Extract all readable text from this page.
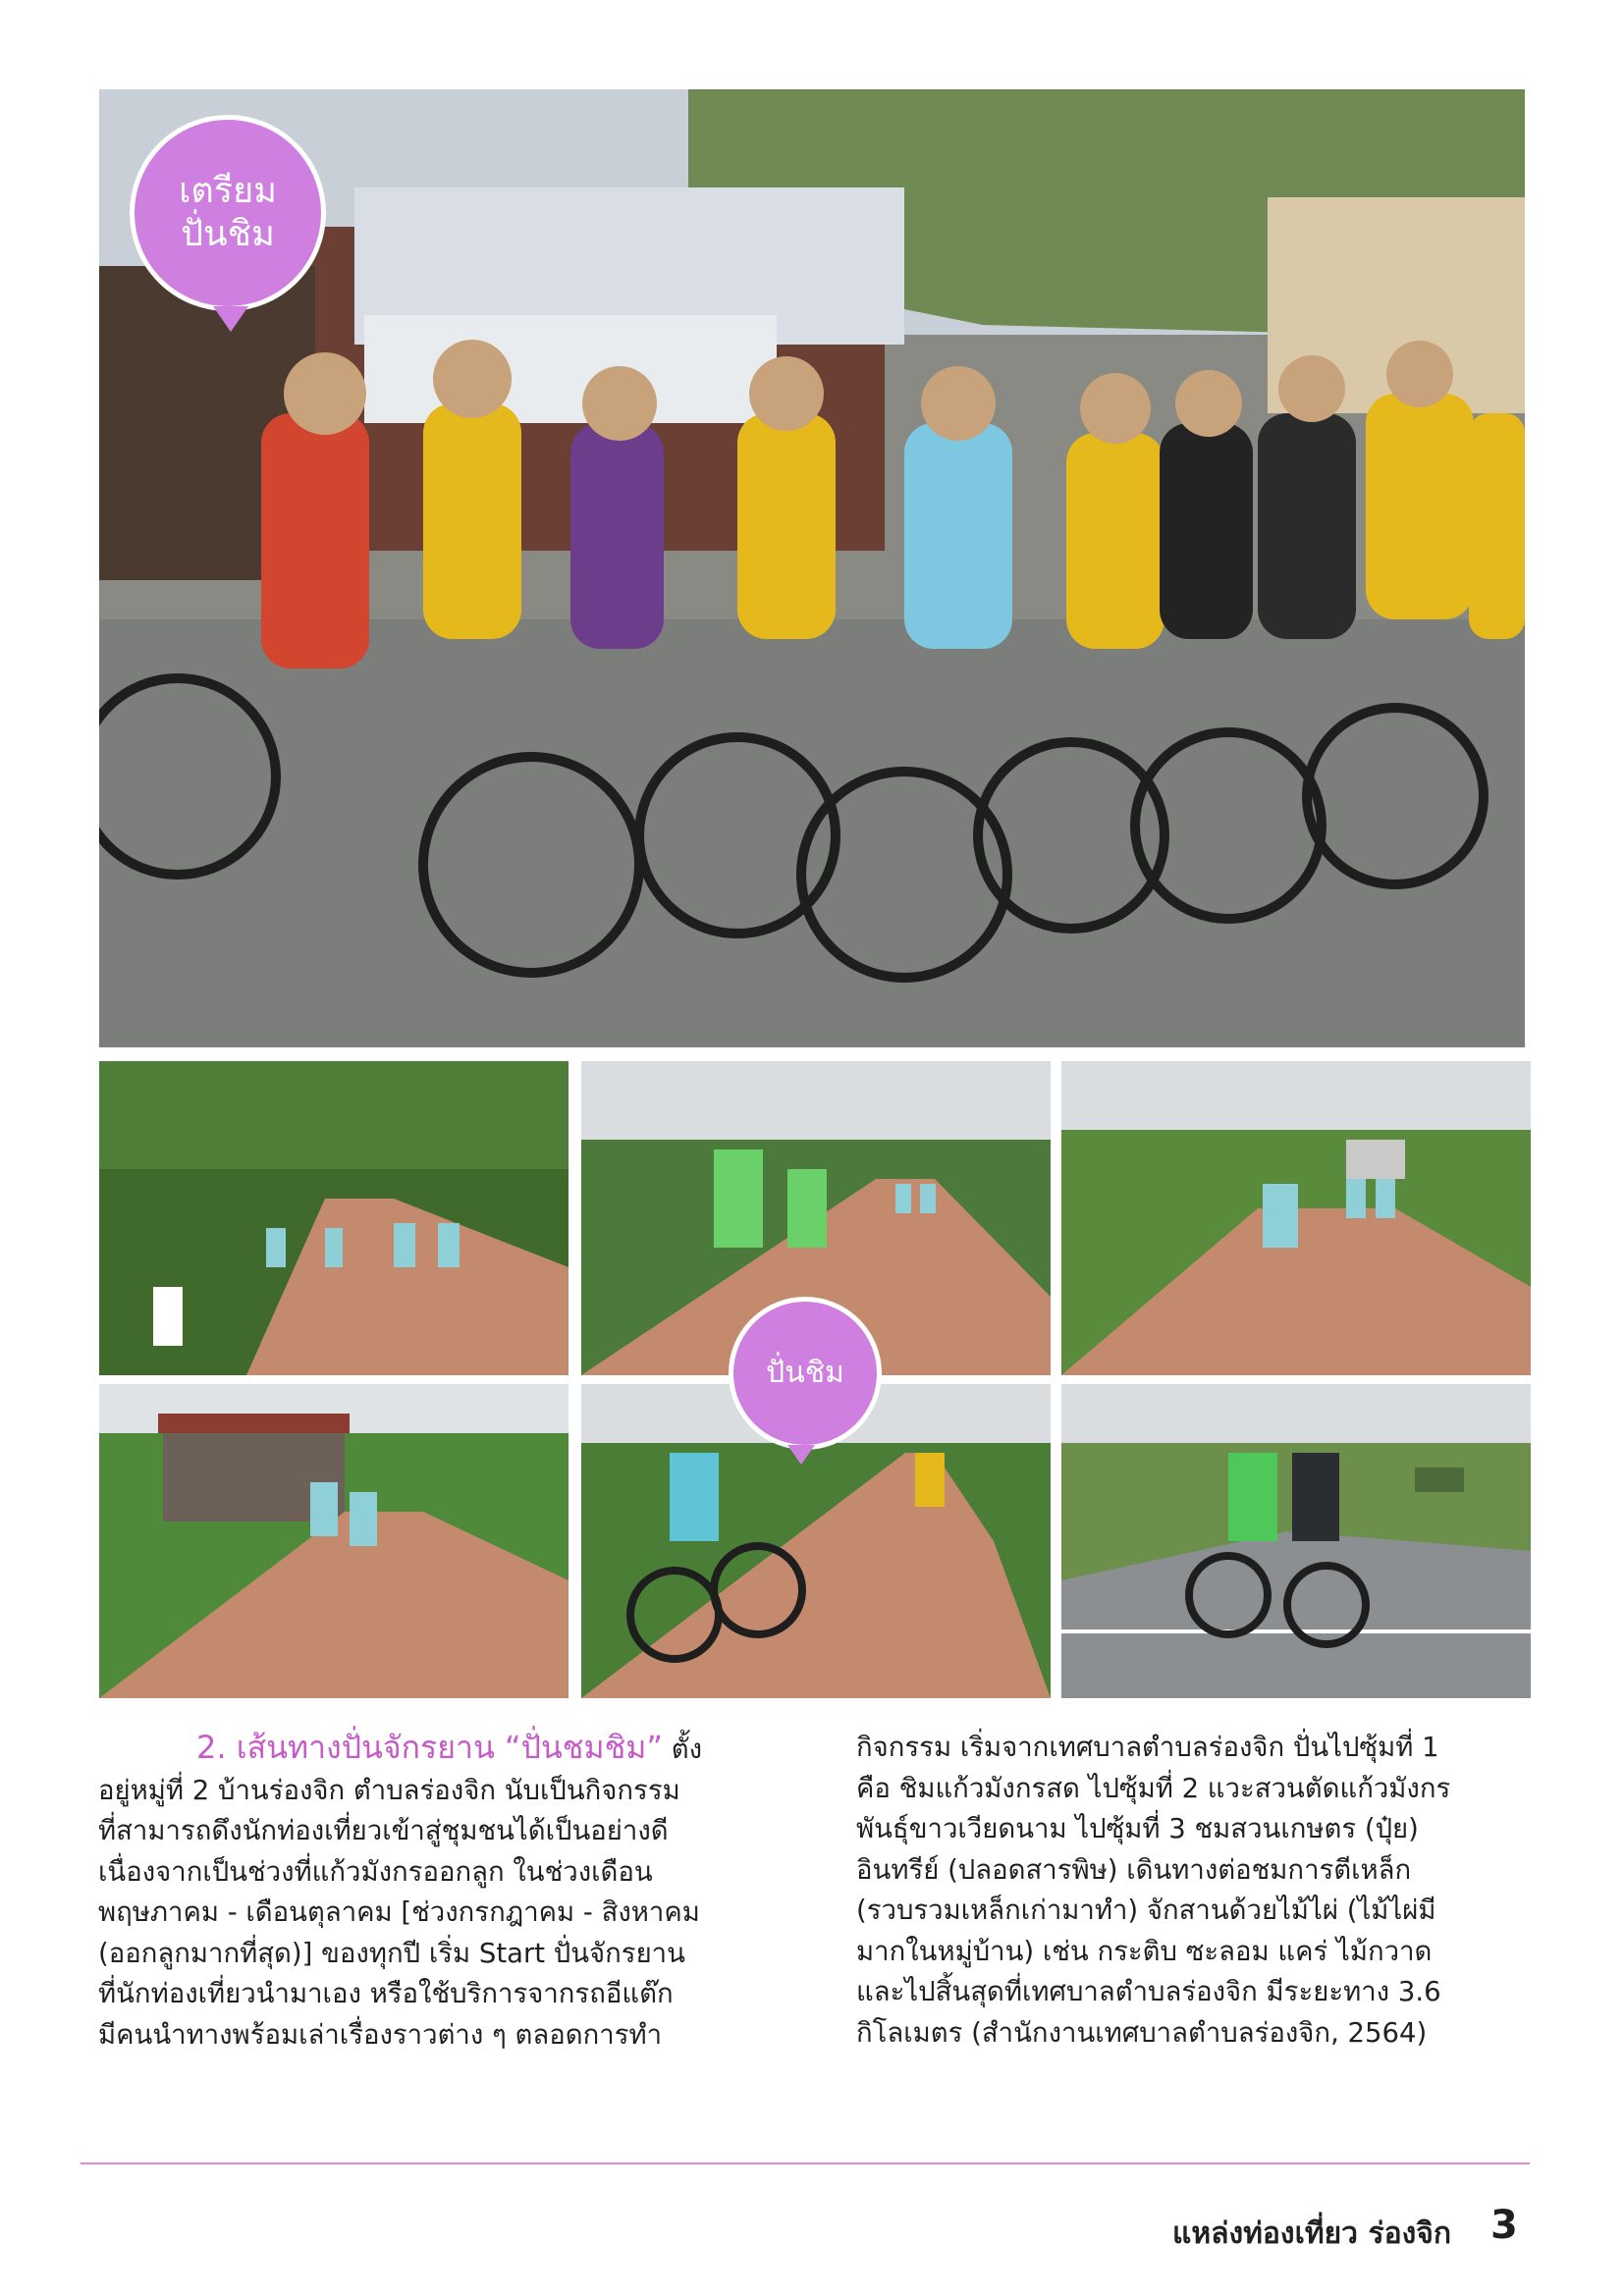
เตรียม
ปั่นชิม
ปั่นชิม

2. เส้นทางปั่นจักรยาน “ปั่นชมชิม” ตั้ง

อยู่หมู่ที่ 2 บ้านร่องจิก ตำบลร่องจิก นับเป็นกิจกรรม

ที่สามารถดึงนักท่องเที่ยวเข้าสู่ชุมชนได้เป็นอย่างดี

เนื่องจากเป็นช่วงที่แก้วมังกรออกลูก ในช่วงเดือน

พฤษภาคม - เดือนตุลาคม [ช่วงกรกฎาคม - สิงหาคม

(ออกลูกมากที่สุด)] ของทุกปี เริ่ม Start ปั่นจักรยาน

ที่นักท่องเที่ยวนำมาเอง หรือใช้บริการจากรถอีแต๊ก

มีคนนำทางพร้อมเล่าเรื่องราวต่าง ๆ ตลอดการทำ

กิจกรรม เริ่มจากเทศบาลตำบลร่องจิก ปั่นไปซุ้มที่ 1

คือ ชิมแก้วมังกรสด ไปซุ้มที่ 2 แวะสวนตัดแก้วมังกร

พันธุ์ขาวเวียดนาม ไปซุ้มที่ 3 ชมสวนเกษตร (ปุ๋ย)

อินทรีย์ (ปลอดสารพิษ) เดินทางต่อชมการตีเหล็ก

(รวบรวมเหล็กเก่ามาทำ) จักสานด้วยไม้ไผ่ (ไม้ไผ่มี

มากในหมู่บ้าน) เช่น กระติบ ซะลอม แคร่ ไม้กวาด

และไปสิ้นสุดที่เทศบาลตำบลร่องจิก มีระยะทาง 3.6

กิโลเมตร (สำนักงานเทศบาลตำบลร่องจิก, 2564)

แหล่งท่องเที่ยว ร่องจิก 3
